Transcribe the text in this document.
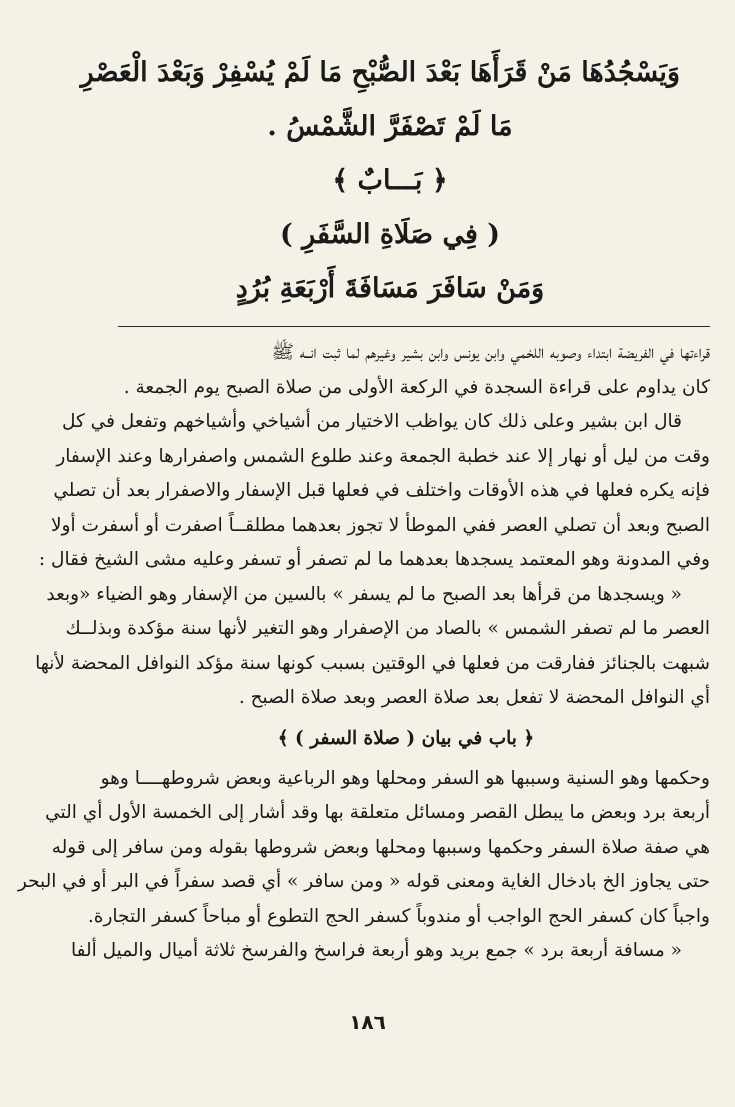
وَيَسْجُدُهَا مَنْ قَرَأَهَا بَعْدَ الصُّبْحِ مَا لَمْ يُسْفِرْ وَبَعْدَ الْعَصْرِ
مَا لَمْ تَصْفَرَّ الشَّمْسُ .
﴿ بَـــابٌ ﴾
( فِي صَلَاةِ السَّفَرِ )
وَمَنْ سَافَرَ مَسَافَةَ أَرْبَعَةِ بُرُدٍ
قراءتها في الفريضة ابتداء وصوبه اللخمي وابن يونس وابن بشير وغيرهم لما ثبت انــه ﷺ
كان يداوم على قراءة السجدة في الركعة الأولى من صلاة الصبح يوم الجمعة .
قال ابن بشير وعلى ذلك كان يواظب الاختيار من أشياخي وأشياخهم وتفعل في كل
وقت من ليل أو نهار إلا عند خطبة الجمعة وعند طلوع الشمس واصفرارها وعند الإسفار
فإنه يكره فعلها في هذه الأوقات واختلف في فعلها قبل الإسفار والاصفرار بعد أن تصلي
الصبح وبعد أن تصلي العصر ففي الموطأ لا تجوز بعدهما مطلقــاً اصفرت أو أسفرت أولا
وفي المدونة وهو المعتمد يسجدها بعدهما ما لم تصفر أو تسفر وعليه مشى الشيخ فقال :
« ويسجدها من قرأها بعد الصبح ما لم يسفر » بالسين من الإسفار وهو الضياء «وبعد
العصر ما لم تصفر الشمس » بالصاد من الإصفرار وهو التغير لأنها سنة مؤكدة وبذلــك
شبهت بالجنائز ففارقت من فعلها في الوقتين بسبب كونها سنة مؤكد النوافل المحضة لأنها
أي النوافل المحضة لا تفعل بعد صلاة العصر وبعد صلاة الصبح .
﴿ باب في بيان ( صلاة السفر ) ﴾
وحكمها وهو السنية وسببها هو السفر ومحلها وهو الرباعية وبعض شروطهــــا وهو
أربعة برد وبعض ما يبطل القصر ومسائل متعلقة بها وقد أشار إلى الخمسة الأول أي التي
هي صفة صلاة السفر وحكمها وسببها ومحلها وبعض شروطها بقوله ومن سافر إلى قوله
حتى يجاوز الخ بادخال الغاية ومعنى قوله « ومن سافر » أي قصد سفراً في البر أو في البحر
واجباً كان كسفر الحج الواجب أو مندوباً كسفر الحج التطوع أو مباحاً كسفر التجارة.
« مسافة أربعة برد » جمع بريد وهو أربعة فراسخ والفرسخ ثلاثة أميال والميل ألفا
١٨٦
